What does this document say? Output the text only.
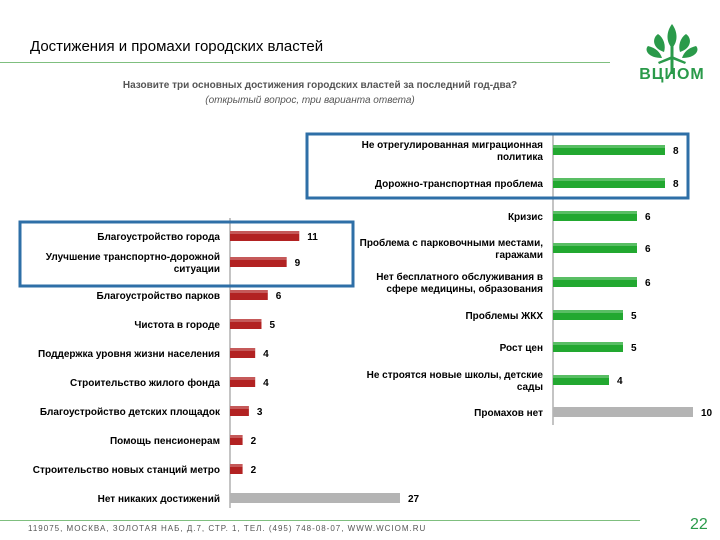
Достижения и промахи городских властей
Назовите три основных достижения городских властей за последний год-два?
(открытый вопрос, три варианта ответа)
ВЦИОМ
11
Благоустройство города
9
Улучшение транспортно-дорожной ситуации
6
Благоустройство парков
5
Чистота в городе
4
Поддержка уровня жизни населения
4
Строительство жилого фонда
3
Благоустройство детских площадок
2
Помощь пенсионерам
2
Строительство новых станций метро
27
Нет никаких достижений
8
Не отрегулированная миграционная политика
8
Дорожно-транспортная проблема
6
Кризис
6
Проблема с парковочными местами, гаражами
6
Нет бесплатного обслуживания в сфере медицины, образования
5
Проблемы ЖКХ
5
Рост цен
4
Не строятся новые школы, детские сады
10
Промахов нет
119075, МОСКВА, ЗОЛОТАЯ НАБ, Д.7, СТР. 1, ТЕЛ. (495) 748-08-07, WWW.WCIOM.RU	22
